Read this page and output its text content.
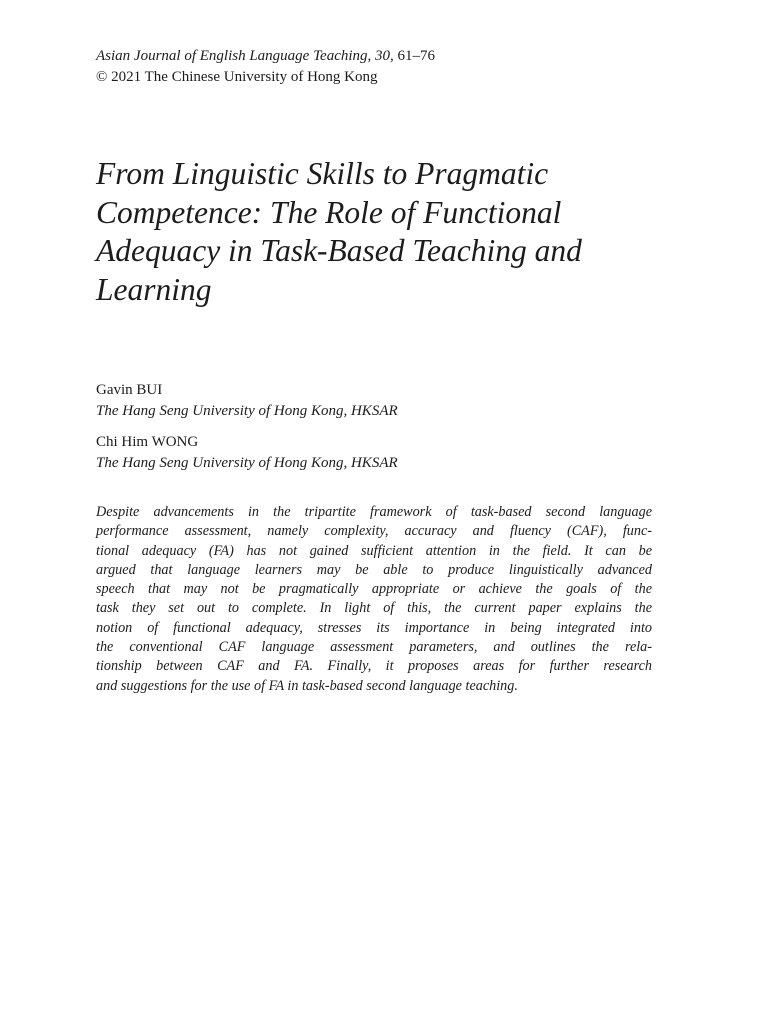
Asian Journal of English Language Teaching, 30, 61–76
© 2021 The Chinese University of Hong Kong
From Linguistic Skills to Pragmatic
Competence: The Role of Functional
Adequacy in Task-Based Teaching and
Learning
Gavin BUI
The Hang Seng University of Hong Kong, HKSAR
Chi Him WONG
The Hang Seng University of Hong Kong, HKSAR
Despite advancements in the tripartite framework of task-based second language
performance assessment, namely complexity, accuracy and fluency (CAF), func-
tional adequacy (FA) has not gained sufficient attention in the field. It can be
argued that language learners may be able to produce linguistically advanced
speech that may not be pragmatically appropriate or achieve the goals of the
task they set out to complete. In light of this, the current paper explains the
notion of functional adequacy, stresses its importance in being integrated into
the conventional CAF language assessment parameters, and outlines the rela-
tionship between CAF and FA. Finally, it proposes areas for further research
and suggestions for the use of FA in task-based second language teaching.
